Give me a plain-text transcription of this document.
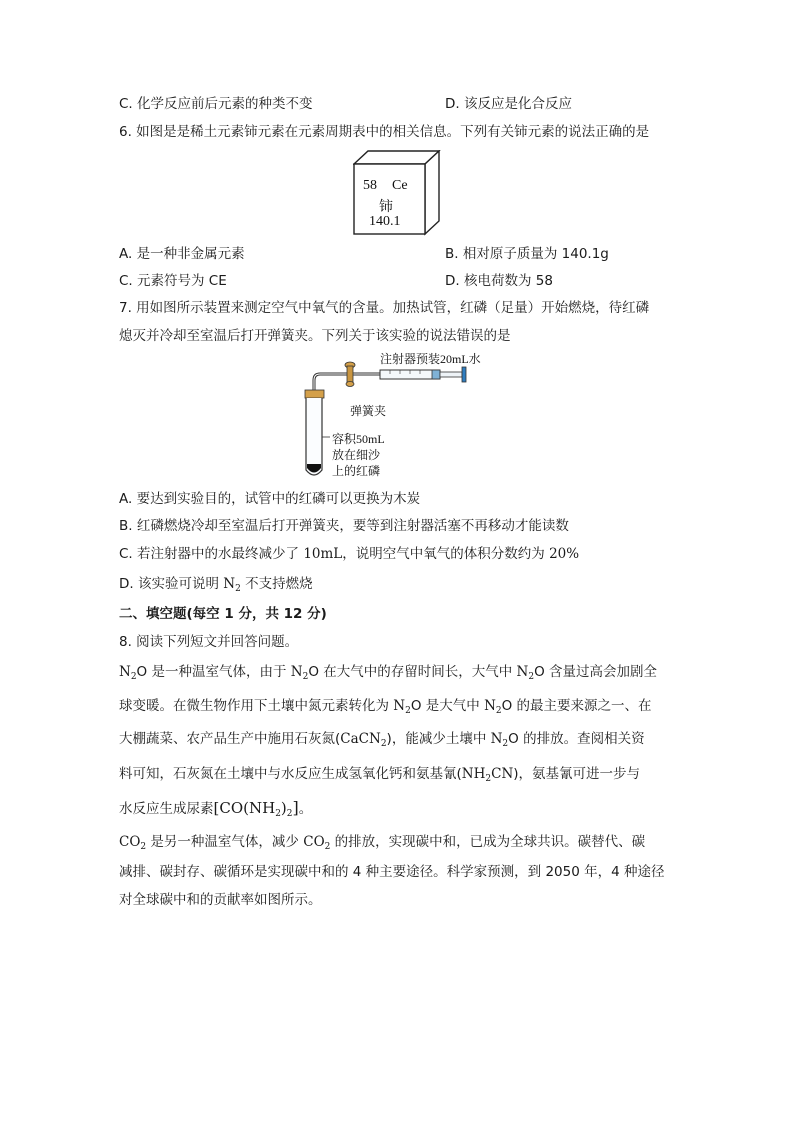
C. 化学反应前后元素的种类不变	D. 该反应是化合反应
6. 如图是是稀土元素铈元素在元素周期表中的相关信息。下列有关铈元素的说法正确的是
58 Ce
铈
140.1
A. 是一种非金属元素	B. 相对原子质量为 140.1g
C. 元素符号为 CE	D. 核电荷数为 58
7. 用如图所示装置来测定空气中氧气的含量。加热试管，红磷（足量）开始燃烧，待红磷
熄灭并冷却至室温后打开弹簧夹。下列关于该实验的说法错误的是
注射器预装20mL水
弹簧夹
容积50mL
放在细沙
上的红磷
A. 要达到实验目的，试管中的红磷可以更换为木炭
B. 红磷燃烧冷却至室温后打开弹簧夹，要等到注射器活塞不再移动才能读数
C. 若注射器中的水最终减少了 10mL，说明空气中氧气的体积分数约为 20%
D. 该实验可说明 $N_2$ 不支持燃烧
二、填空题(每空 1 分，共 12 分)
8. 阅读下列短文并回答问题。
$N_2O$ 是一种温室气体，由于 $N_2O$ 在大气中的存留时间长，大气中 $N_2O$ 含量过高会加剧全
球变暖。在微生物作用下土壤中氮元素转化为 $N_2O$ 是大气中 $N_2O$ 的最主要来源之一、在
大棚蔬菜、农产品生产中施用石灰氮(CaCN$_2$)，能减少土壤中 $N_2O$ 的排放。查阅相关资
料可知，石灰氮在土壤中与水反应生成氢氧化钙和氨基氰$(NH_2CN)$，氨基氰可进一步与
水反应生成尿素$[CO(NH_2)_2]$。
$CO_2$ 是另一种温室气体，减少 $CO_2$ 的排放，实现碳中和，已成为全球共识。碳替代、碳
减排、碳封存、碳循环是实现碳中和的 4 种主要途径。科学家预测，到 2050 年，4 种途径
对全球碳中和的贡献率如图所示。
